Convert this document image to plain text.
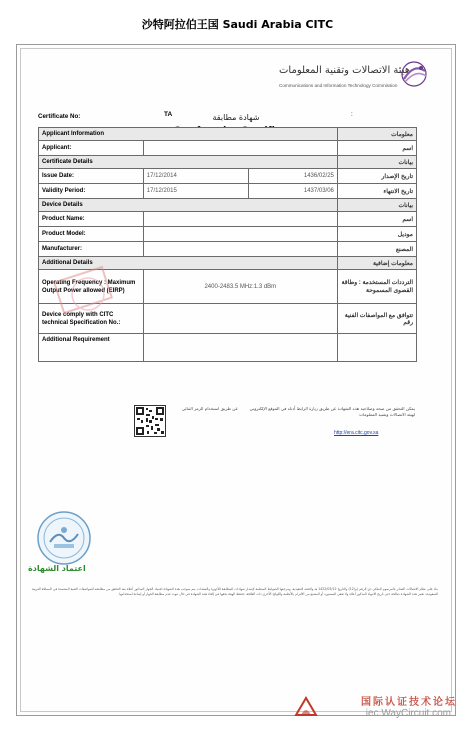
沙特阿拉伯王国 Saudi Arabia CITC
هيئة الاتصالات وتقنية المعلومات
Communications and Information Technology Commission
شهادة مطابقة
Certificate No:	TA	:
Applicant Information			معلومات
Applicant:			اسم
Certificate Details			بيانات
Issue Date:	17/12/2014	1436/02/25	تاريخ الإصدار
Validity Period:	17/12/2015	1437/03/06	تاريخ الانتهاء
Device Details			بيانات
Product Name:			اسم
Product Model:			موديل
Manufacturer:			المصنع
Additional Details			معلومات إضافية
Operating Frequency : Maximum Output Power allowed (EIRP)	2400-2483.5 MHz:1.3 dBm		الترددات المستخدمة : وطاقة القصوى المسموحة
Device comply with CITC technical Specification No.:			تتوافق مع المواصفات الفنية رقم
Additional Requirement			
عن طريق استخدام الرمز الثنائي	يمكن التحقق من صحة وصلاحية هذه الشهادة عن طريق زيارة الرابط أدناه في الموقع الإلكتروني لهيئة الاتصالات وتقنية المعلومات
http://era.citc.gov.sa
اعتماد الشهادة
بناء على نظام الاتصالات الصادر بالمرسوم الملكي ذي الرقم (م/12) والتاريخ 1422/03/12 هـ ولائحته التنفيذية، ومرجعها الضوابط المنظمة لإصدار شهادات المطابقة للأجهزة والمعدات، يتم بموجب هذه الشهادة اعتماد الجهاز المذكور أعلاه بعد التحقق من مطابقته للمواصفات الفنية المعتمدة في المملكة العربية السعودية. تعتبر هذه الشهادة صالحة حتى تاريخ الانتهاء المذكور أعلاه ولا تعفي المستورد أو المصنع من الالتزام بالأنظمة واللوائح الأخرى ذات العلاقة. تحتفظ الهيئة بحقها في إلغاء هذه الشهادة في حال ثبوت عدم مطابقة الجهاز أو إساءة استخدامها.
国际认证技术论坛
iec.WayCircuit.com
